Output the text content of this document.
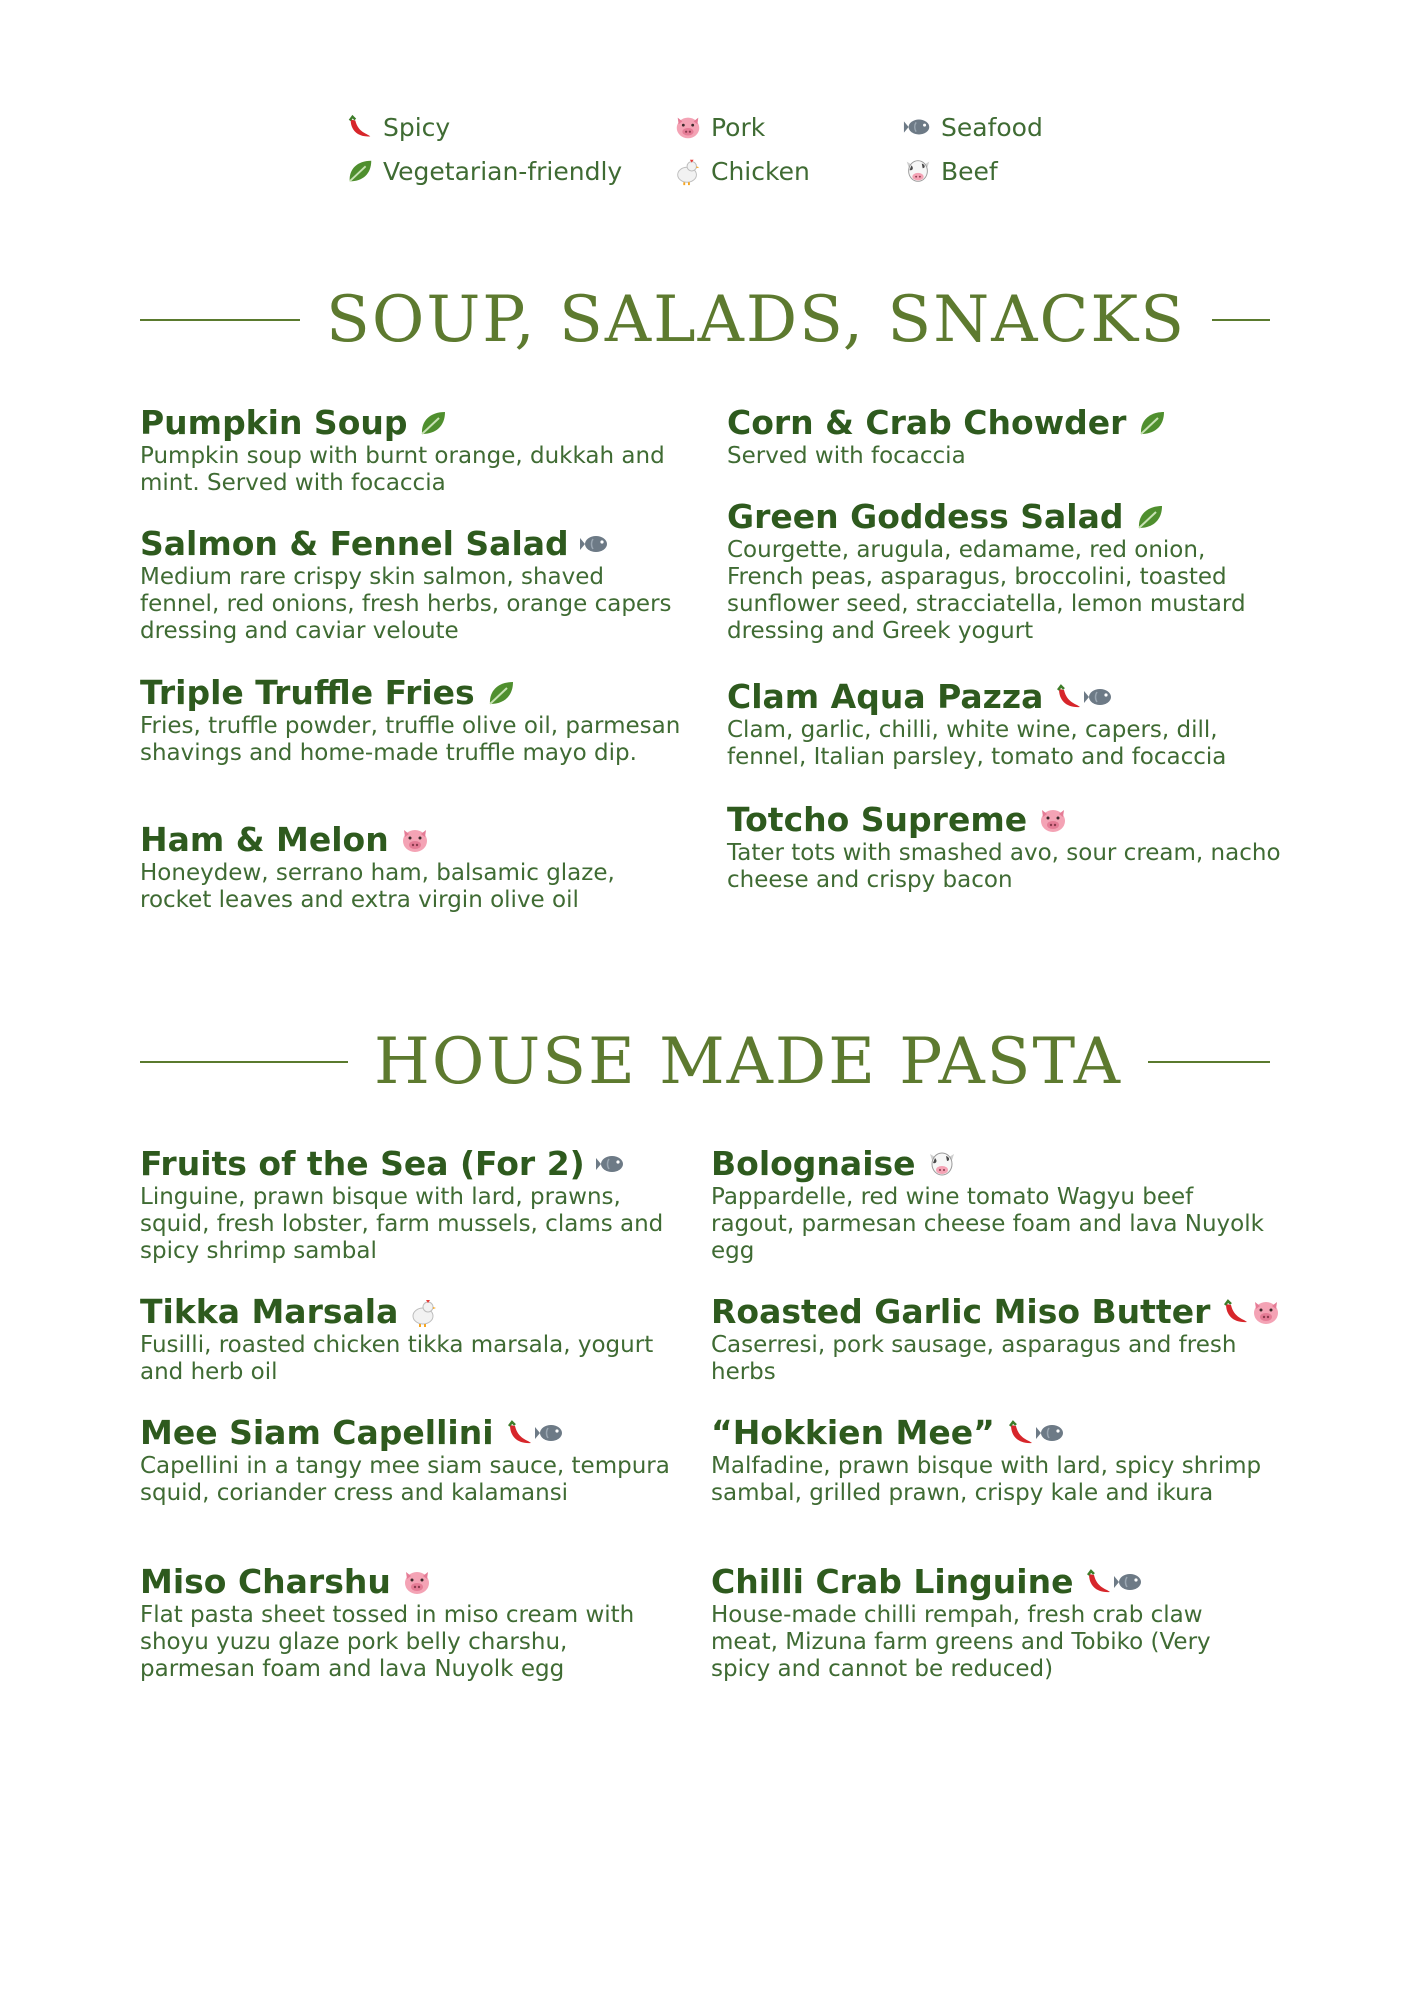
Spicy	Pork	Seafood
Vegetarian-friendly	Chicken	Beef
SOUP, SALADS, SNACKS
Pumpkin Soup
Pumpkin soup with burnt orange, dukkah and mint. Served with focaccia
Salmon & Fennel Salad
Medium rare crispy skin salmon, shaved fennel, red onions, fresh herbs, orange capers dressing and caviar veloute
Triple Truffle Fries
Fries, truffle powder, truffle olive oil, parmesan shavings and home-made truffle mayo dip.
Ham & Melon
Honeydew, serrano ham, balsamic glaze, rocket leaves and extra virgin olive oil
Corn & Crab Chowder
Served with focaccia
Green Goddess Salad
Courgette, arugula, edamame, red onion, French peas, asparagus, broccolini, toasted sunflower seed, stracciatella, lemon mustard dressing and Greek yogurt
Clam Aqua Pazza
Clam, garlic, chilli, white wine, capers, dill, fennel, Italian parsley, tomato and focaccia
Totcho Supreme
Tater tots with smashed avo, sour cream, nacho cheese and crispy bacon
HOUSE MADE PASTA
Fruits of the Sea (For 2)
Linguine, prawn bisque with lard, prawns, squid, fresh lobster, farm mussels, clams and spicy shrimp sambal
Tikka Marsala
Fusilli, roasted chicken tikka marsala, yogurt and herb oil
Mee Siam Capellini
Capellini in a tangy mee siam sauce, tempura squid, coriander cress and kalamansi
Miso Charshu
Flat pasta sheet tossed in miso cream with shoyu yuzu glaze pork belly charshu, parmesan foam and lava Nuyolk egg
Bolognaise
Pappardelle, red wine tomato Wagyu beef ragout, parmesan cheese foam and lava Nuyolk egg
Roasted Garlic Miso Butter
Caserresi, pork sausage, asparagus and fresh herbs
“Hokkien Mee”
Malfadine, prawn bisque with lard, spicy shrimp sambal, grilled prawn, crispy kale and ikura
Chilli Crab Linguine
House-made chilli rempah, fresh crab claw meat, Mizuna farm greens and Tobiko (Very spicy and cannot be reduced)
